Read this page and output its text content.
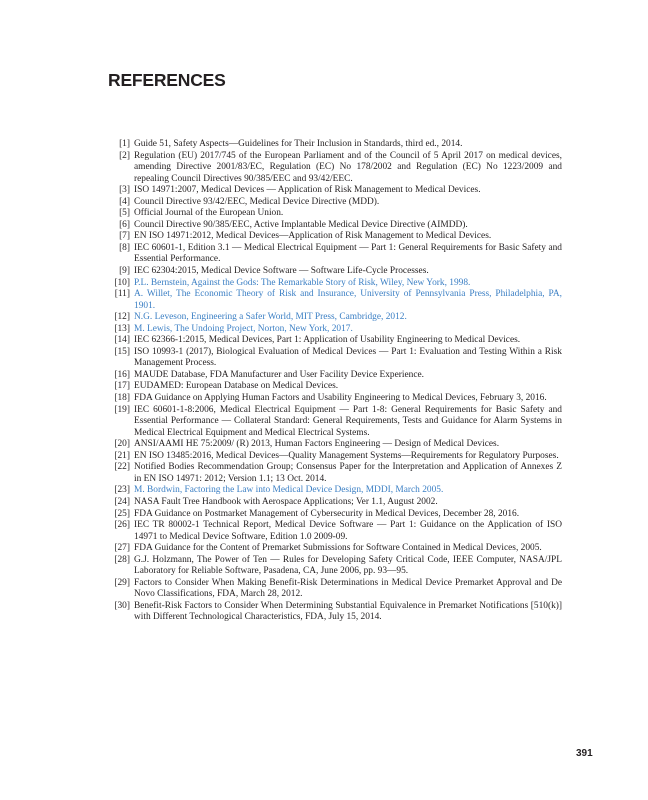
REFERENCES
[1] Guide 51, Safety Aspects—Guidelines for Their Inclusion in Standards, third ed., 2014.
[2] Regulation (EU) 2017/745 of the European Parliament and of the Council of 5 April 2017 on medical devices, amending Directive 2001/83/EC, Regulation (EC) No 178/2002 and Regulation (EC) No 1223/2009 and repealing Council Directives 90/385/EEC and 93/42/EEC.
[3] ISO 14971:2007, Medical Devices — Application of Risk Management to Medical Devices.
[4] Council Directive 93/42/EEC, Medical Device Directive (MDD).
[5] Official Journal of the European Union.
[6] Council Directive 90/385/EEC, Active Implantable Medical Device Directive (AIMDD).
[7] EN ISO 14971:2012, Medical Devices—Application of Risk Management to Medical Devices.
[8] IEC 60601-1, Edition 3.1 — Medical Electrical Equipment — Part 1: General Requirements for Basic Safety and Essential Performance.
[9] IEC 62304:2015, Medical Device Software — Software Life-Cycle Processes.
[10] P.L. Bernstein, Against the Gods: The Remarkable Story of Risk, Wiley, New York, 1998.
[11] A. Willet, The Economic Theory of Risk and Insurance, University of Pennsylvania Press, Philadelphia, PA, 1901.
[12] N.G. Leveson, Engineering a Safer World, MIT Press, Cambridge, 2012.
[13] M. Lewis, The Undoing Project, Norton, New York, 2017.
[14] IEC 62366-1:2015, Medical Devices, Part 1: Application of Usability Engineering to Medical Devices.
[15] ISO 10993-1 (2017), Biological Evaluation of Medical Devices — Part 1: Evaluation and Testing Within a Risk Management Process.
[16] MAUDE Database, FDA Manufacturer and User Facility Device Experience.
[17] EUDAMED: European Database on Medical Devices.
[18] FDA Guidance on Applying Human Factors and Usability Engineering to Medical Devices, February 3, 2016.
[19] IEC 60601-1-8:2006, Medical Electrical Equipment — Part 1-8: General Requirements for Basic Safety and Essential Performance — Collateral Standard: General Requirements, Tests and Guidance for Alarm Systems in Medical Electrical Equipment and Medical Electrical Systems.
[20] ANSI/AAMI HE 75:2009/ (R) 2013, Human Factors Engineering — Design of Medical Devices.
[21] EN ISO 13485:2016, Medical Devices—Quality Management Systems—Requirements for Regulatory Purposes.
[22] Notified Bodies Recommendation Group; Consensus Paper for the Interpretation and Application of Annexes Z in EN ISO 14971: 2012; Version 1.1; 13 Oct. 2014.
[23] M. Bordwin, Factoring the Law into Medical Device Design, MDDI, March 2005.
[24] NASA Fault Tree Handbook with Aerospace Applications; Ver 1.1, August 2002.
[25] FDA Guidance on Postmarket Management of Cybersecurity in Medical Devices, December 28, 2016.
[26] IEC TR 80002-1 Technical Report, Medical Device Software — Part 1: Guidance on the Application of ISO 14971 to Medical Device Software, Edition 1.0 2009-09.
[27] FDA Guidance for the Content of Premarket Submissions for Software Contained in Medical Devices, 2005.
[28] G.J. Holzmann, The Power of Ten — Rules for Developing Safety Critical Code, IEEE Computer, NASA/JPL Laboratory for Reliable Software, Pasadena, CA, June 2006, pp. 93—95.
[29] Factors to Consider When Making Benefit-Risk Determinations in Medical Device Premarket Approval and De Novo Classifications, FDA, March 28, 2012.
[30] Benefit-Risk Factors to Consider When Determining Substantial Equivalence in Premarket Notifications [510(k)] with Different Technological Characteristics, FDA, July 15, 2014.
391
